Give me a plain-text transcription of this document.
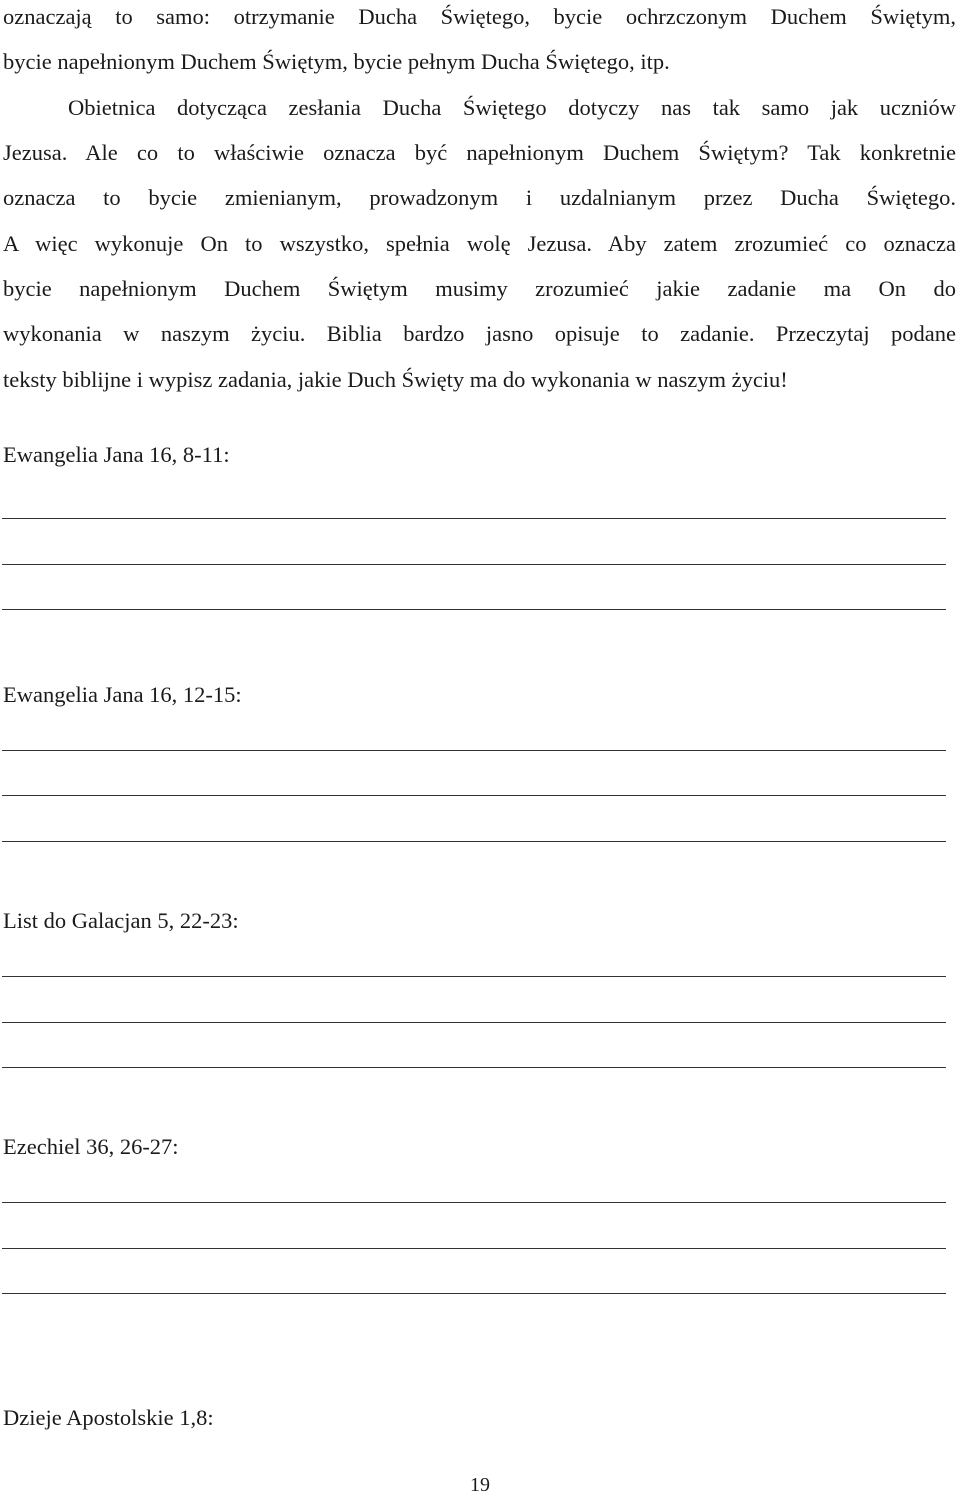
oznaczają to samo: otrzymanie Ducha Świętego, bycie ochrzczonym Duchem Świętym,
bycie napełnionym Duchem Świętym, bycie pełnym Ducha Świętego, itp.
Obietnica dotycząca zesłania Ducha Świętego dotyczy nas tak samo jak uczniów
Jezusa. Ale co to właściwie oznacza być napełnionym Duchem Świętym? Tak konkretnie
oznacza to bycie zmienianym, prowadzonym i uzdalnianym przez Ducha Świętego.
A więc wykonuje On to wszystko, spełnia wolę Jezusa. Aby zatem zrozumieć co oznacza
bycie napełnionym Duchem Świętym musimy zrozumieć jakie zadanie ma On do
wykonania w naszym życiu. Biblia bardzo jasno opisuje to zadanie. Przeczytaj podane
teksty biblijne i wypisz zadania, jakie Duch Święty ma do wykonania w naszym życiu!
Ewangelia Jana 16, 8-11:
Ewangelia Jana 16, 12-15:
List do Galacjan 5, 22-23:
Ezechiel 36, 26-27:
Dzieje Apostolskie 1,8:
19
